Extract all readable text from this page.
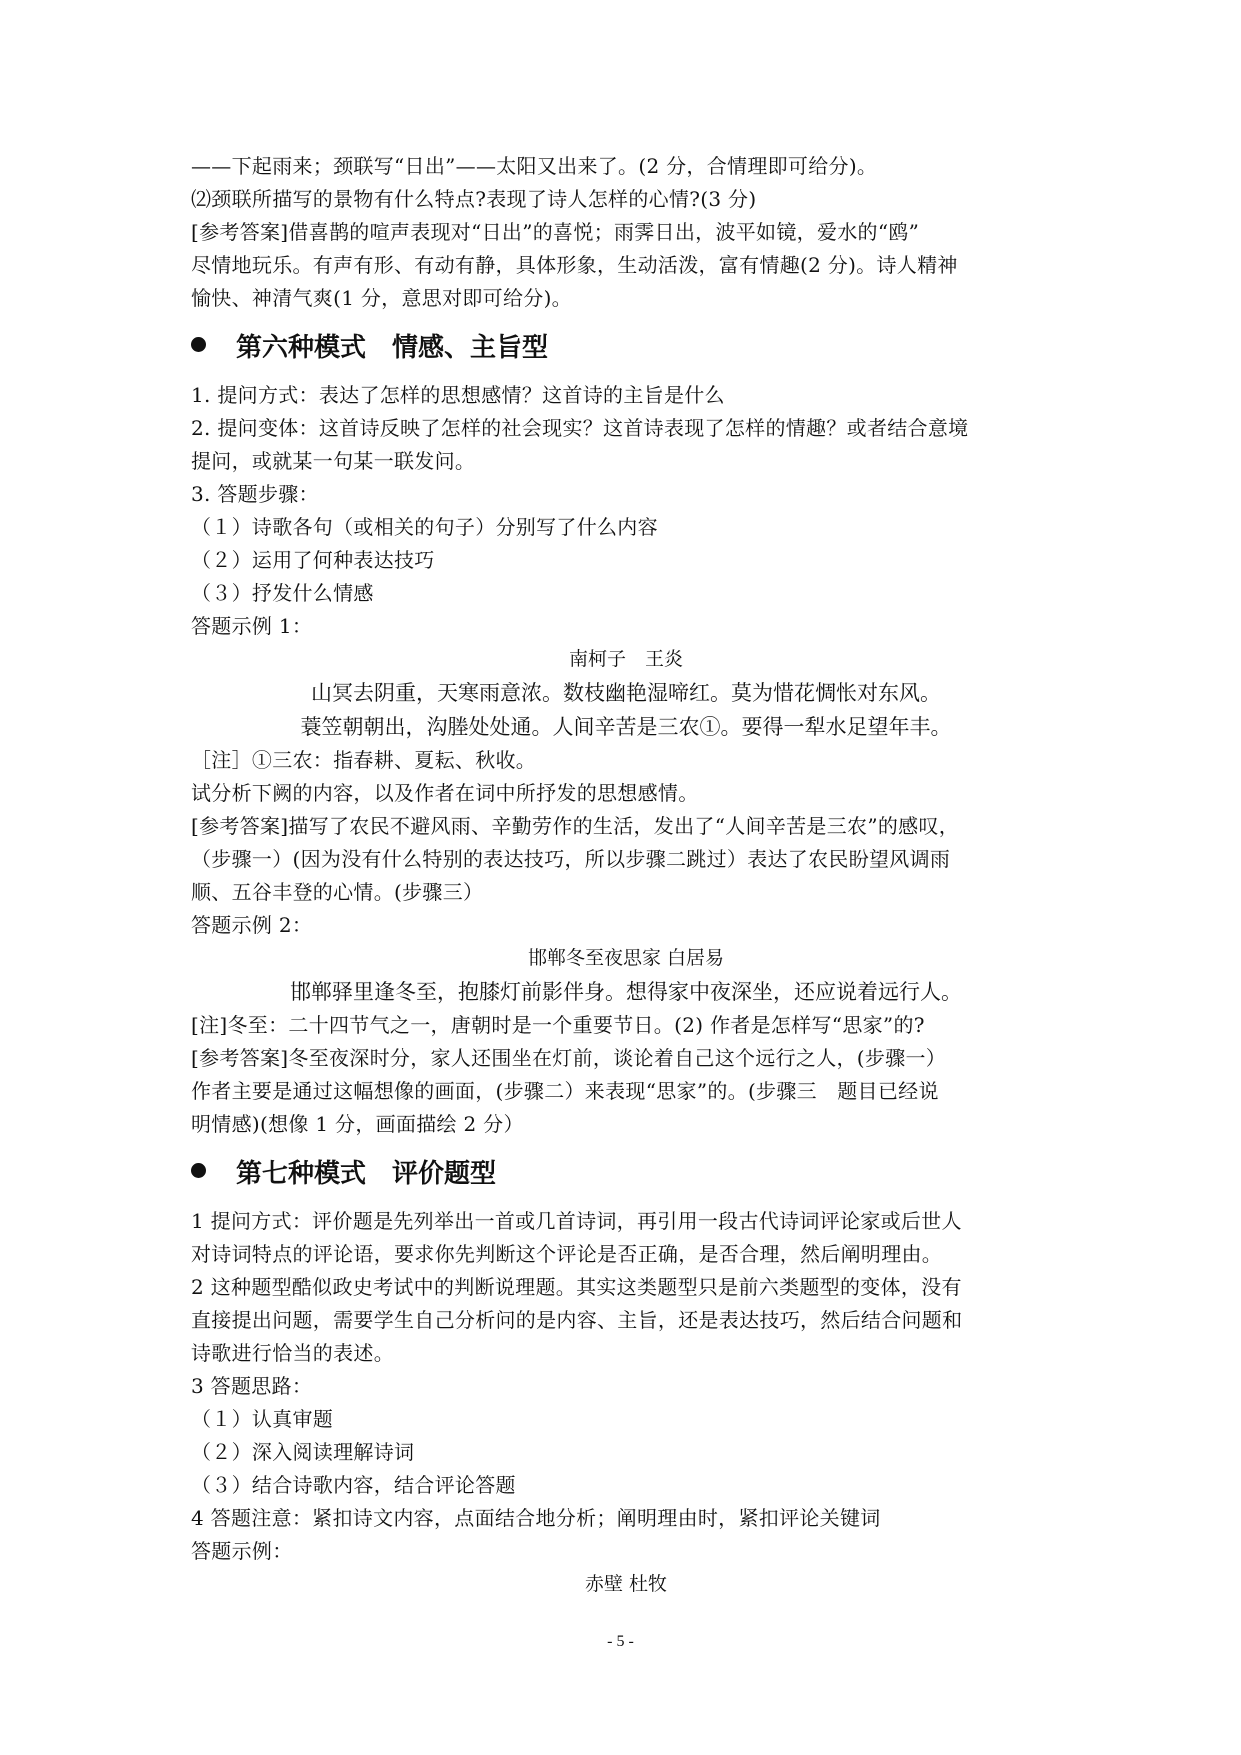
——下起雨来；颈联写“日出”——太阳又出来了。(2 分，合情理即可给分)。
⑵颈联所描写的景物有什么特点?表现了诗人怎样的心情?(3 分)
[参考答案]借喜鹊的喧声表现对“日出”的喜悦；雨霁日出，波平如镜，爱水的“鸥”
尽情地玩乐。有声有形、有动有静，具体形象，生动活泼，富有情趣(2 分)。诗人精神
愉快、神清气爽(1 分，意思对即可给分)。
第六种模式　情感、主旨型
1. 提问方式：表达了怎样的思想感情？这首诗的主旨是什么
2. 提问变体：这首诗反映了怎样的社会现实？这首诗表现了怎样的情趣？或者结合意境
提问，或就某一句某一联发问。
3. 答题步骤：
（１）诗歌各句（或相关的句子）分别写了什么内容
（２）运用了何种表达技巧
（３）抒发什么情感
答题示例 1：
南柯子　王炎
山冥去阴重，天寒雨意浓。数枝幽艳湿啼红。莫为惜花惆怅对东风。
蓑笠朝朝出，沟塍处处通。人间辛苦是三农①。要得一犁水足望年丰。
［注］①三农：指春耕、夏耘、秋收。
试分析下阙的内容，以及作者在词中所抒发的思想感情。
[参考答案]描写了农民不避风雨、辛勤劳作的生活，发出了“人间辛苦是三农”的感叹，
（步骤一）(因为没有什么特别的表达技巧，所以步骤二跳过）表达了农民盼望风调雨
顺、五谷丰登的心情。(步骤三）
答题示例 2：
邯郸冬至夜思家 白居易
邯郸驿里逢冬至，抱膝灯前影伴身。想得家中夜深坐，还应说着远行人。
[注]冬至：二十四节气之一，唐朝时是一个重要节日。(2) 作者是怎样写“思家”的?
[参考答案]冬至夜深时分，家人还围坐在灯前，谈论着自己这个远行之人，(步骤一）
作者主要是通过这幅想像的画面，(步骤二）来表现“思家”的。(步骤三　题目已经说
明情感)(想像 1 分，画面描绘 2 分）
第七种模式　评价题型
1 提问方式：评价题是先列举出一首或几首诗词，再引用一段古代诗词评论家或后世人
对诗词特点的评论语，要求你先判断这个评论是否正确，是否合理，然后阐明理由。
2 这种题型酷似政史考试中的判断说理题。其实这类题型只是前六类题型的变体，没有
直接提出问题，需要学生自己分析问的是内容、主旨，还是表达技巧，然后结合问题和
诗歌进行恰当的表述。
3 答题思路：
（１）认真审题
（２）深入阅读理解诗词
（３）结合诗歌内容，结合评论答题
4 答题注意：紧扣诗文内容，点面结合地分析；阐明理由时，紧扣评论关键词
答题示例：
赤壁 杜牧
- 5 -
